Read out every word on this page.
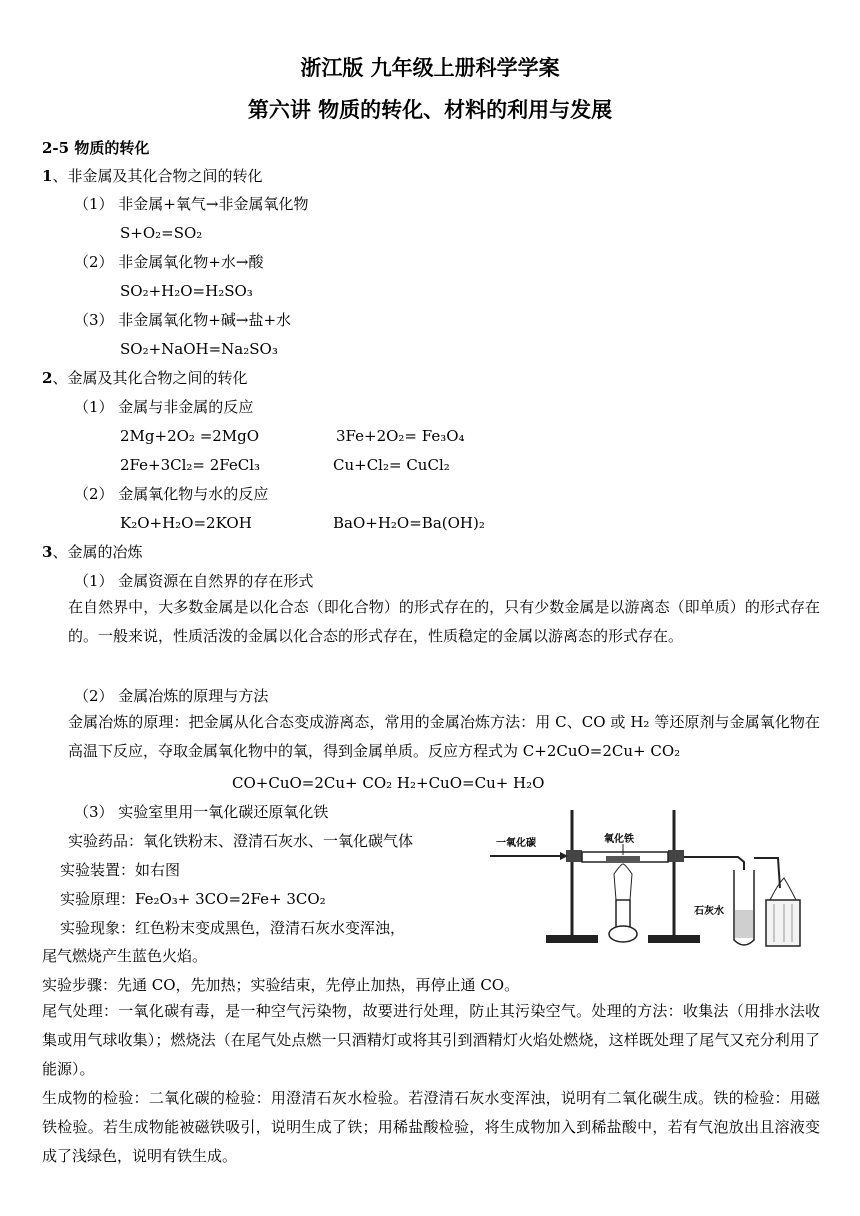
浙江版 九年级上册科学学案
第六讲 物质的转化、材料的利用与发展
2-5 物质的转化
1、非金属及其化合物之间的转化
（1） 非金属+氧气→非金属氧化物
S+O₂=SO₂
（2） 非金属氧化物+水→酸
SO₂+H₂O=H₂SO₃
（3） 非金属氧化物+碱→盐+水
SO₂+NaOH=Na₂SO₃
2、金属及其化合物之间的转化
（1） 金属与非金属的反应
2Mg+2O₂ =2MgO	3Fe+2O₂= Fe₃O₄
2Fe+3Cl₂= 2FeCl₃	Cu+Cl₂= CuCl₂
（2） 金属氧化物与水的反应
K₂O+H₂O=2KOH	BaO+H₂O=Ba(OH)₂
3、金属的冶炼
（1） 金属资源在自然界的存在形式
在自然界中，大多数金属是以化合态（即化合物）的形式存在的，只有少数金属是以游离态（即单质）的形式存在的。一般来说，性质活泼的金属以化合态的形式存在，性质稳定的金属以游离态的形式存在。
（2） 金属冶炼的原理与方法
金属冶炼的原理：把金属从化合态变成游离态，常用的金属冶炼方法：用 C、CO 或 H₂ 等还原剂与金属氧化物在高温下反应，夺取金属氧化物中的氧，得到金属单质。反应方程式为 C+2CuO=2Cu+ CO₂
CO+CuO=2Cu+ CO₂ H₂+CuO=Cu+ H₂O
（3） 实验室里用一氧化碳还原氧化铁
实验药品：氧化铁粉末、澄清石灰水、一氧化碳气体
实验装置：如右图
实验原理：Fe₂O₃+ 3CO=2Fe+ 3CO₂
实验现象：红色粉末变成黑色，澄清石灰水变浑浊，
尾气燃烧产生蓝色火焰。
实验步骤：先通 CO，先加热；实验结束，先停止加热，再停止通 CO。
尾气处理：一氧化碳有毒，是一种空气污染物，故要进行处理，防止其污染空气。处理的方法：收集法（用排水法收集或用气球收集）；燃烧法（在尾气处点燃一只酒精灯或将其引到酒精灯火焰处燃烧，这样既处理了尾气又充分利用了能源）。
生成物的检验：二氧化碳的检验：用澄清石灰水检验。若澄清石灰水变浑浊，说明有二氧化碳生成。铁的检验：用磁铁检验。若生成物能被磁铁吸引，说明生成了铁；用稀盐酸检验，将生成物加入到稀盐酸中，若有气泡放出且溶液变成了浅绿色，说明有铁生成。
一氧化碳	氧化铁
石灰水
